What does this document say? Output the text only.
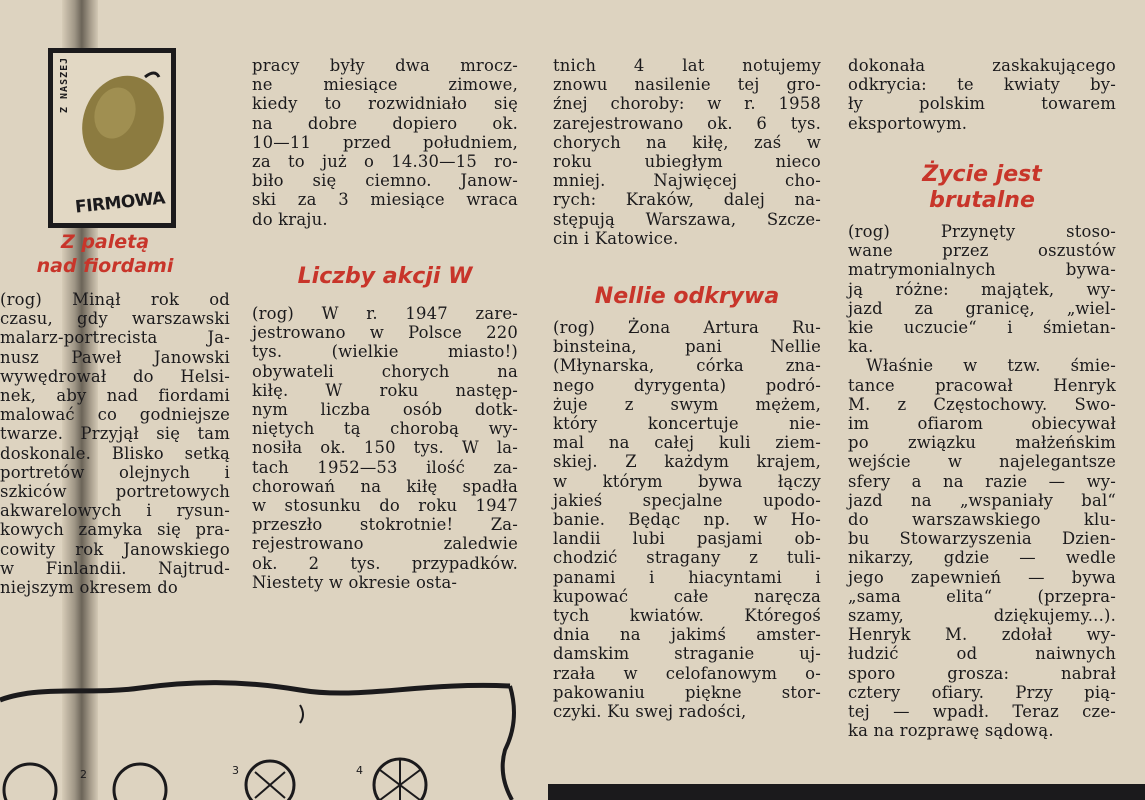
Z NASZEJ
FIRMOWA
Z paletą
nad fiordami
(rog) Minął rok od
czasu, gdy warszawski
malarz-portrecista Ja-
nusz Paweł Janowski
wywędrował do Helsi-
nek, aby nad fiordami
malować co godniejsze
twarze. Przyjął się tam
doskonale. Blisko setką
portretów olejnych i
szkiców portretowych
akwarelowych i rysun-
kowych zamyka się pra-
cowity rok Janowskiego
w Finlandii. Najtrud-
niejszym okresem do
pracy były dwa mrocz-
ne miesiące zimowe,
kiedy to rozwidniało się
na dobre dopiero ok.
10—11 przed południem,
za to już o 14.30—15 ro-
biło się ciemno. Janow-
ski za 3 miesiące wraca
do kraju.
Liczby akcji W
(rog) W r. 1947 zare-
jestrowano w Polsce 220
tys. (wielkie miasto!)
obywateli chorych na
kiłę. W roku następ-
nym liczba osób dotk-
niętych tą chorobą wy-
nosiła ok. 150 tys. W la-
tach 1952—53 ilość za-
chorowań na kiłę spadła
w stosunku do roku 1947
przeszło stokrotnie! Za-
rejestrowano zaledwie
ok. 2 tys. przypadków.
Niestety w okresie osta-
tnich 4 lat notujemy
znowu nasilenie tej gro-
źnej choroby: w r. 1958
zarejestrowano ok. 6 tys.
chorych na kiłę, zaś w
roku ubiegłym nieco
mniej. Najwięcej cho-
rych: Kraków, dalej na-
stępują Warszawa, Szcze-
cin i Katowice.
Nellie odkrywa
(rog) Żona Artura Ru-
binsteina, pani Nellie
(Młynarska, córka zna-
nego dyrygenta) podró-
żuje z swym mężem,
który koncertuje nie-
mal na całej kuli ziem-
skiej. Z każdym krajem,
w którym bywa łączy
jakieś specjalne upodo-
banie. Będąc np. w Ho-
landii lubi pasjami ob-
chodzić stragany z tuli-
panami i hiacyntami i
kupować całe naręcza
tych kwiatów. Któregoś
dnia na jakimś amster-
damskim straganie uj-
rzała w celofanowym o-
pakowaniu piękne stor-
czyki. Ku swej radości,
dokonała zaskakującego
odkrycia: te kwiaty by-
ły polskim towarem
eksportowym.
Życie jest
brutalne
(rog) Przynęty stoso-
wane przez oszustów
matrymonialnych bywa-
ją różne: majątek, wy-
jazd za granicę, „wiel-
kie uczucie“ i śmietan-
ka.
Właśnie w tzw. śmie-
tance pracował Henryk
M. z Częstochowy. Swo-
im ofiarom obiecywał
po związku małżeńskim
wejście w najelegantsze
sfery a na razie — wy-
jazd na „wspaniały bal“
do warszawskiego klu-
bu Stowarzyszenia Dzien-
nikarzy, gdzie — wedle
jego zapewnień — bywa
„sama elita“ (przepra-
szamy, dziękujemy...).
Henryk M. zdołał wy-
łudzić od naiwnych
sporo grosza: nabrał
cztery ofiary. Przy pią-
tej — wpadł. Teraz cze-
ka na rozprawę sądową.
2	3	4
